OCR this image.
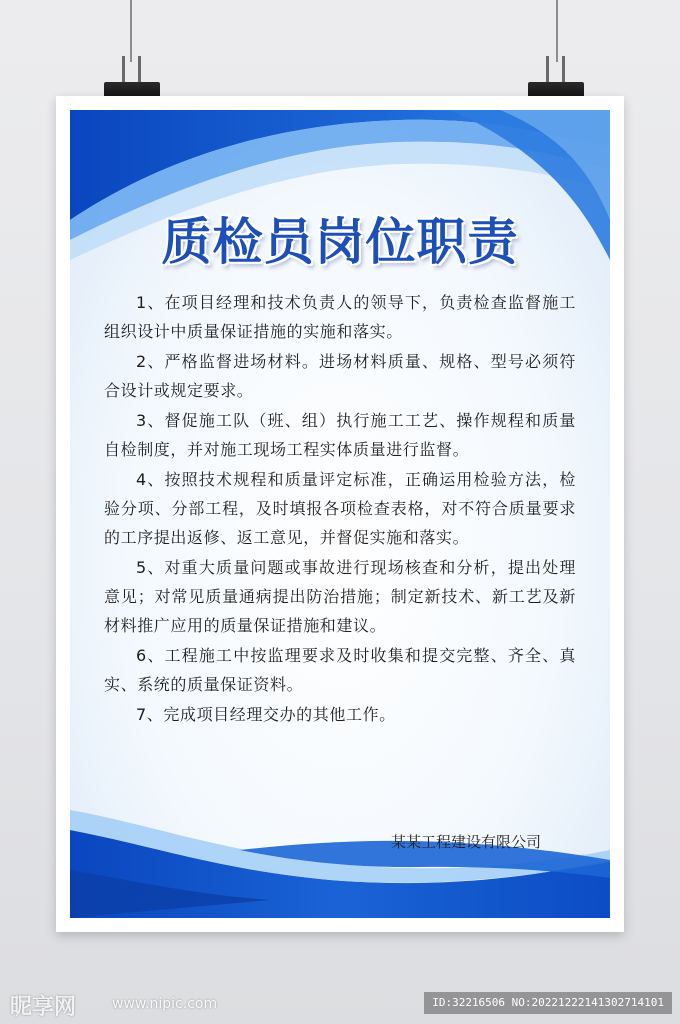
质检员岗位职责

1、在项目经理和技术负责人的领导下，负责检查监督施工组织设计中质量保证措施的实施和落实。

2、严格监督进场材料。进场材料质量、规格、型号必须符合设计或规定要求。

3、督促施工队（班、组）执行施工工艺、操作规程和质量自检制度，并对施工现场工程实体质量进行监督。

4、按照技术规程和质量评定标准，正确运用检验方法，检验分项、分部工程，及时填报各项检查表格，对不符合质量要求的工序提出返修、返工意见，并督促实施和落实。

5、对重大质量问题或事故进行现场核查和分析，提出处理意见；对常见质量通病提出防治措施；制定新技术、新工艺及新材料推广应用的质量保证措施和建议。

6、工程施工中按监理要求及时收集和提交完整、齐全、真实、系统的质量保证资料。

7、完成项目经理交办的其他工作。

某某工程建设有限公司
昵享网	www.nipic.com	ID:32216506 NO:20221222141302714101
